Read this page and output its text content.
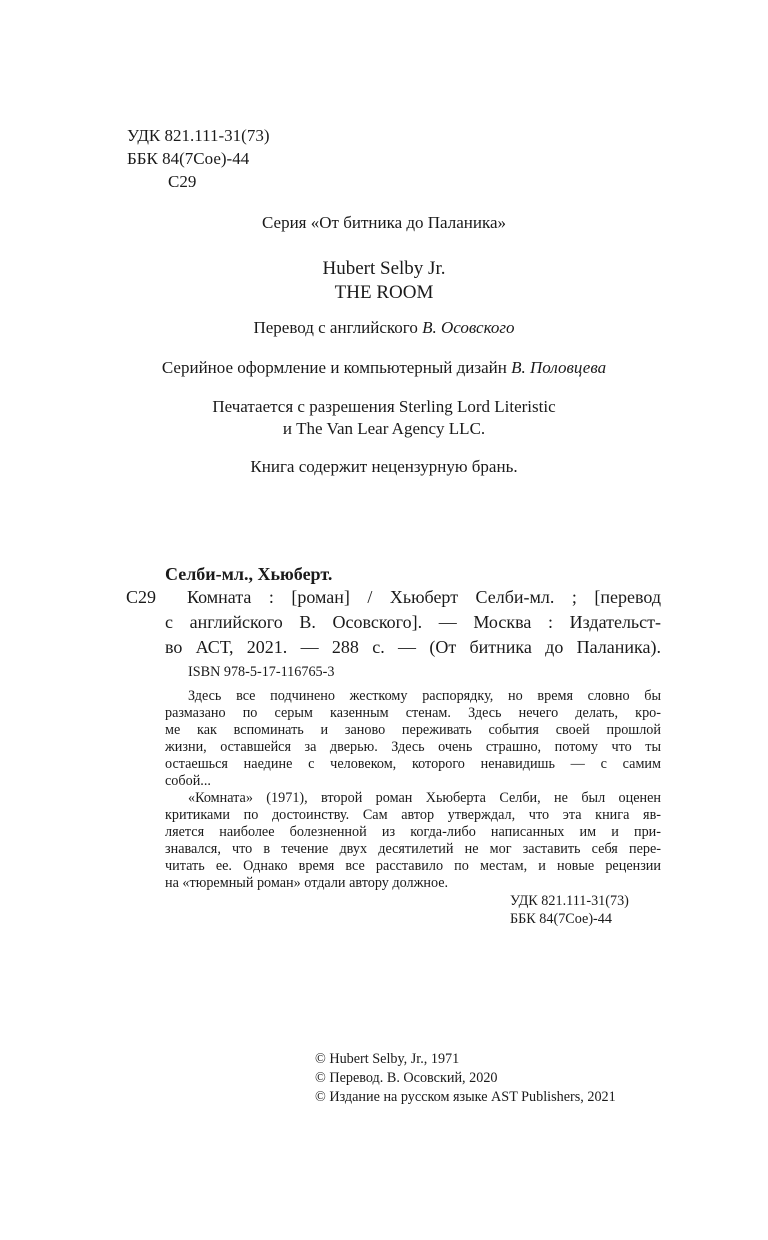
УДК 821.111-31(73)
ББК 84(7Сое)-44
С29
Серия «От битника до Паланика»
Hubert Selby Jr.
THE ROOM
Перевод с английского В. Осовского
Серийное оформление и компьютерный дизайн В. Половцева
Печатается с разрешения Sterling Lord Literistic
и The Van Lear Agency LLC.
Книга содержит нецензурную брань.
Селби-мл., Хьюберт.
С29 Комната : [роман] / Хьюберт Селби-мл. ; [перевод
с английского В. Осовского]. — Москва : Издательст-
во АСТ, 2021. — 288 с. — (От битника до Паланика).
ISBN 978-5-17-116765-3
Здесь все подчинено жесткому распорядку, но время словно бы
размазано по серым казенным стенам. Здесь нечего делать, кро-
ме как вспоминать и заново переживать события своей прошлой
жизни, оставшейся за дверью. Здесь очень страшно, потому что ты
остаешься наедине с человеком, которого ненавидишь — с самим
собой...
«Комната» (1971), второй роман Хьюберта Селби, не был оценен
критиками по достоинству. Сам автор утверждал, что эта книга яв-
ляется наиболее болезненной из когда-либо написанных им и при-
знавался, что в течение двух десятилетий не мог заставить себя пере-
читать ее. Однако время все расставило по местам, и новые рецензии
на «тюремный роман» отдали автору должное.
УДК 821.111-31(73)
ББК 84(7Сое)-44
© Hubert Selby, Jr., 1971
© Перевод. В. Осовский, 2020
© Издание на русском языке AST Publishers, 2021
